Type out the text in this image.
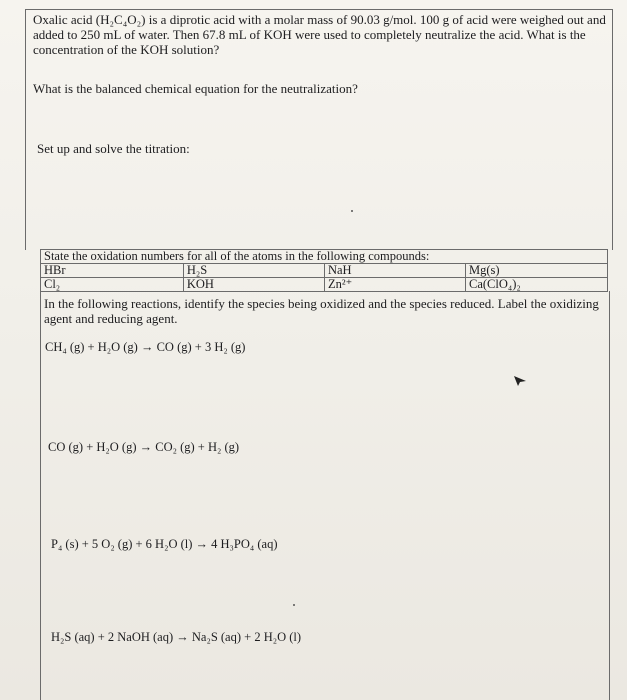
Oxalic acid (H₂C₄O₂) is a diprotic acid with a molar mass of 90.03 g/mol. 100 g of acid were weighed out and added to 250 mL of water. Then 67.8 mL of KOH were used to completely neutralize the acid. What is the concentration of the KOH solution?

What is the balanced chemical equation for the neutralization?

Set up and solve the titration:

State the oxidation numbers for all of the atoms in the following compounds:			
HBr	H₂S	NaH	Mg(s)
Cl₂	KOH	Zn²⁺	Ca(ClO₄)₂

In the following reactions, identify the species being oxidized and the species reduced. Label the oxidizing agent and reducing agent.

CH₄ (g) + H₂O (g) → CO (g) + 3 H₂ (g)
CO (g) + H₂O (g) → CO₂ (g) + H₂ (g)
P₄ (s) + 5 O₂ (g) + 6 H₂O (l) → 4 H₃PO₄ (aq)
H₂S (aq) + 2 NaOH (aq) → Na₂S (aq) + 2 H₂O (l)
